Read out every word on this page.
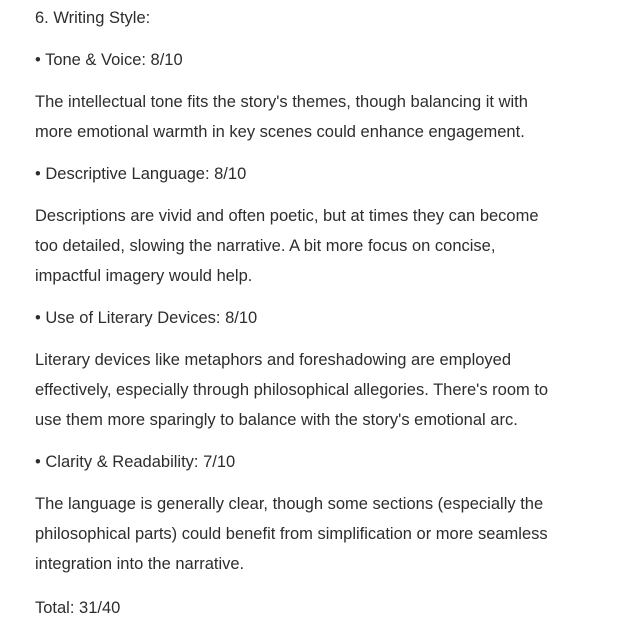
6. Writing Style:
• Tone & Voice: 8/10
The intellectual tone fits the story's themes, though balancing it with
more emotional warmth in key scenes could enhance engagement.
• Descriptive Language: 8/10
Descriptions are vivid and often poetic, but at times they can become
too detailed, slowing the narrative. A bit more focus on concise,
impactful imagery would help.
• Use of Literary Devices: 8/10
Literary devices like metaphors and foreshadowing are employed
effectively, especially through philosophical allegories. There's room to
use them more sparingly to balance with the story's emotional arc.
• Clarity & Readability: 7/10
The language is generally clear, though some sections (especially the
philosophical parts) could benefit from simplification or more seamless
integration into the narrative.
Total: 31/40
